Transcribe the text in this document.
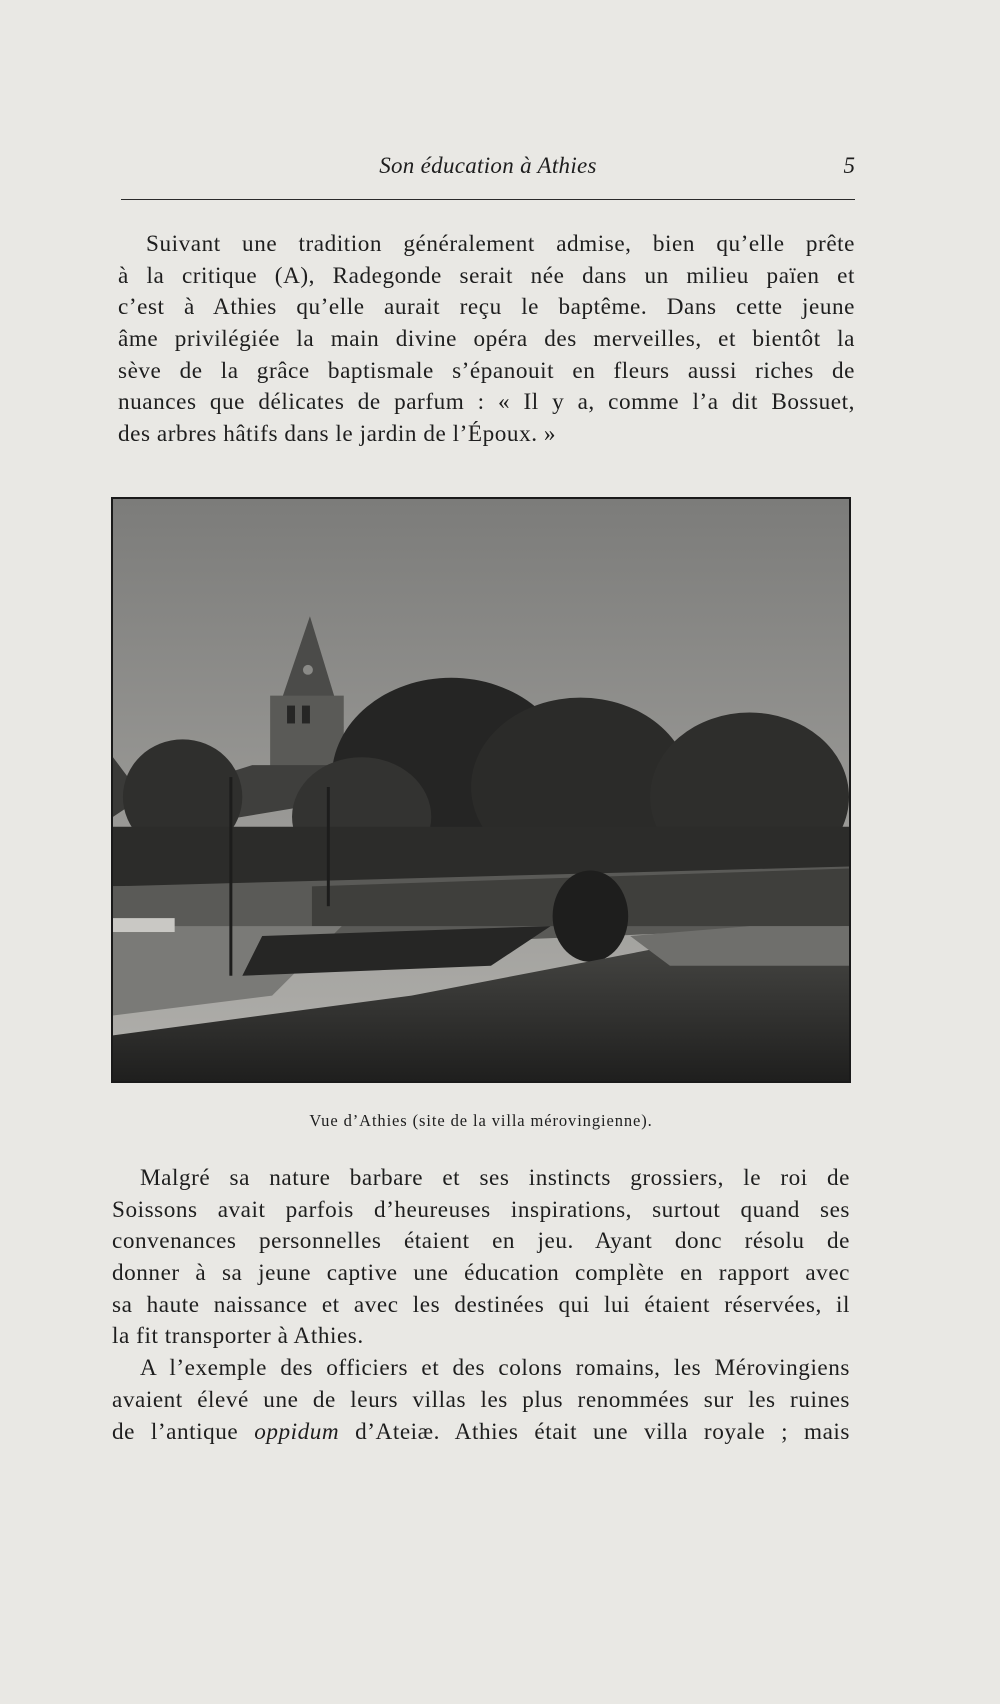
Son éducation à Athies	5
Suivant une tradition généralement admise, bien qu’elle prête
à la critique (A), Radegonde serait née dans un milieu païen et
c’est à Athies qu’elle aurait reçu le baptême. Dans cette jeune
âme privilégiée la main divine opéra des merveilles, et bientôt la
sève de la grâce baptismale s’épanouit en fleurs aussi riches de
nuances que délicates de parfum : « Il y a, comme l’a dit Bossuet,
des arbres hâtifs dans le jardin de l’Époux. »
Vue d’Athies (site de la villa mérovingienne).
Malgré sa nature barbare et ses instincts grossiers, le roi de
Soissons avait parfois d’heureuses inspirations, surtout quand ses
convenances personnelles étaient en jeu. Ayant donc résolu de
donner à sa jeune captive une éducation complète en rapport avec
sa haute naissance et avec les destinées qui lui étaient réservées, il
la fit transporter à Athies.
A l’exemple des officiers et des colons romains, les Mérovingiens
avaient élevé une de leurs villas les plus renommées sur les ruines
de l’antique oppidum d’Ateiæ. Athies était une villa royale ; mais
